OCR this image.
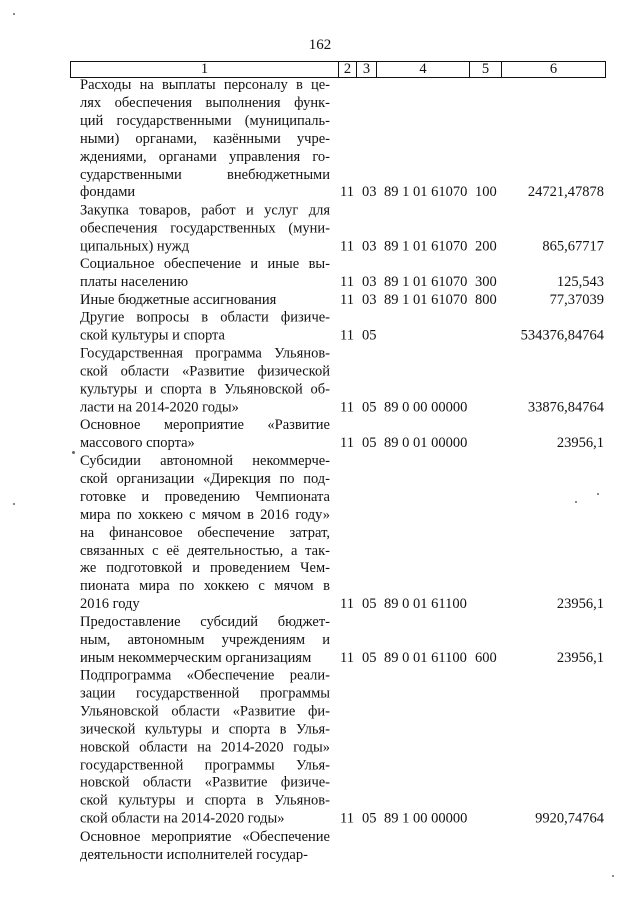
162
1	2	3	4	5	6
Расходы на выплаты персоналу в це-
лях обеспечения выполнения функ-
ций государственными (муниципаль-
ными) органами, казёнными учре-
ждениями, органами управления го-
сударственными внебюджетными
фондами	11 03 89 1 01 61070 100 24721,47878
Закупка товаров, работ и услуг для
обеспечения государственных (муни-
ципальных) нужд	11 03 89 1 01 61070 200	865,67717
Социальное обеспечение и иные вы-
платы населению	11 03 89 1 01 61070 300	125,543
Иные бюджетные ассигнования	11 03 89 1 01 61070 800	77,37039
Другие вопросы в области физиче-
ской культуры и спорта	11 05	534376,84764
Государственная программа Ульянов-
ской области «Развитие физической
культуры и спорта в Ульяновской об-
ласти на 2014-2020 годы»	11 05 89 0 00 00000	33876,84764
Основное мероприятие «Развитие
массового спорта»	11 05 89 0 01 00000	23956,1
Субсидии автономной некоммерче-
ской организации «Дирекция по под-
готовке и проведению Чемпионата
мира по хоккею с мячом в 2016 году»
на финансовое обеспечение затрат,
связанных с её деятельностью, а так-
же подготовкой и проведением Чем-
пионата мира по хоккею с мячом в
2016 году	11 05 89 0 01 61100	23956,1
Предоставление субсидий бюджет-
ным, автономным учреждениям и
иным некоммерческим организациям	11 05 89 0 01 61100 600	23956,1
Подпрограмма «Обеспечение реали-
зации государственной программы
Ульяновской области «Развитие фи-
зической культуры и спорта в Улья-
новской области на 2014-2020 годы»
государственной программы Улья-
новской области «Развитие физиче-
ской культуры и спорта в Ульянов-
ской области на 2014-2020 годы»	11 05 89 1 00 00000	9920,74764
Основное мероприятие «Обеспечение
деятельности исполнителей государ-
